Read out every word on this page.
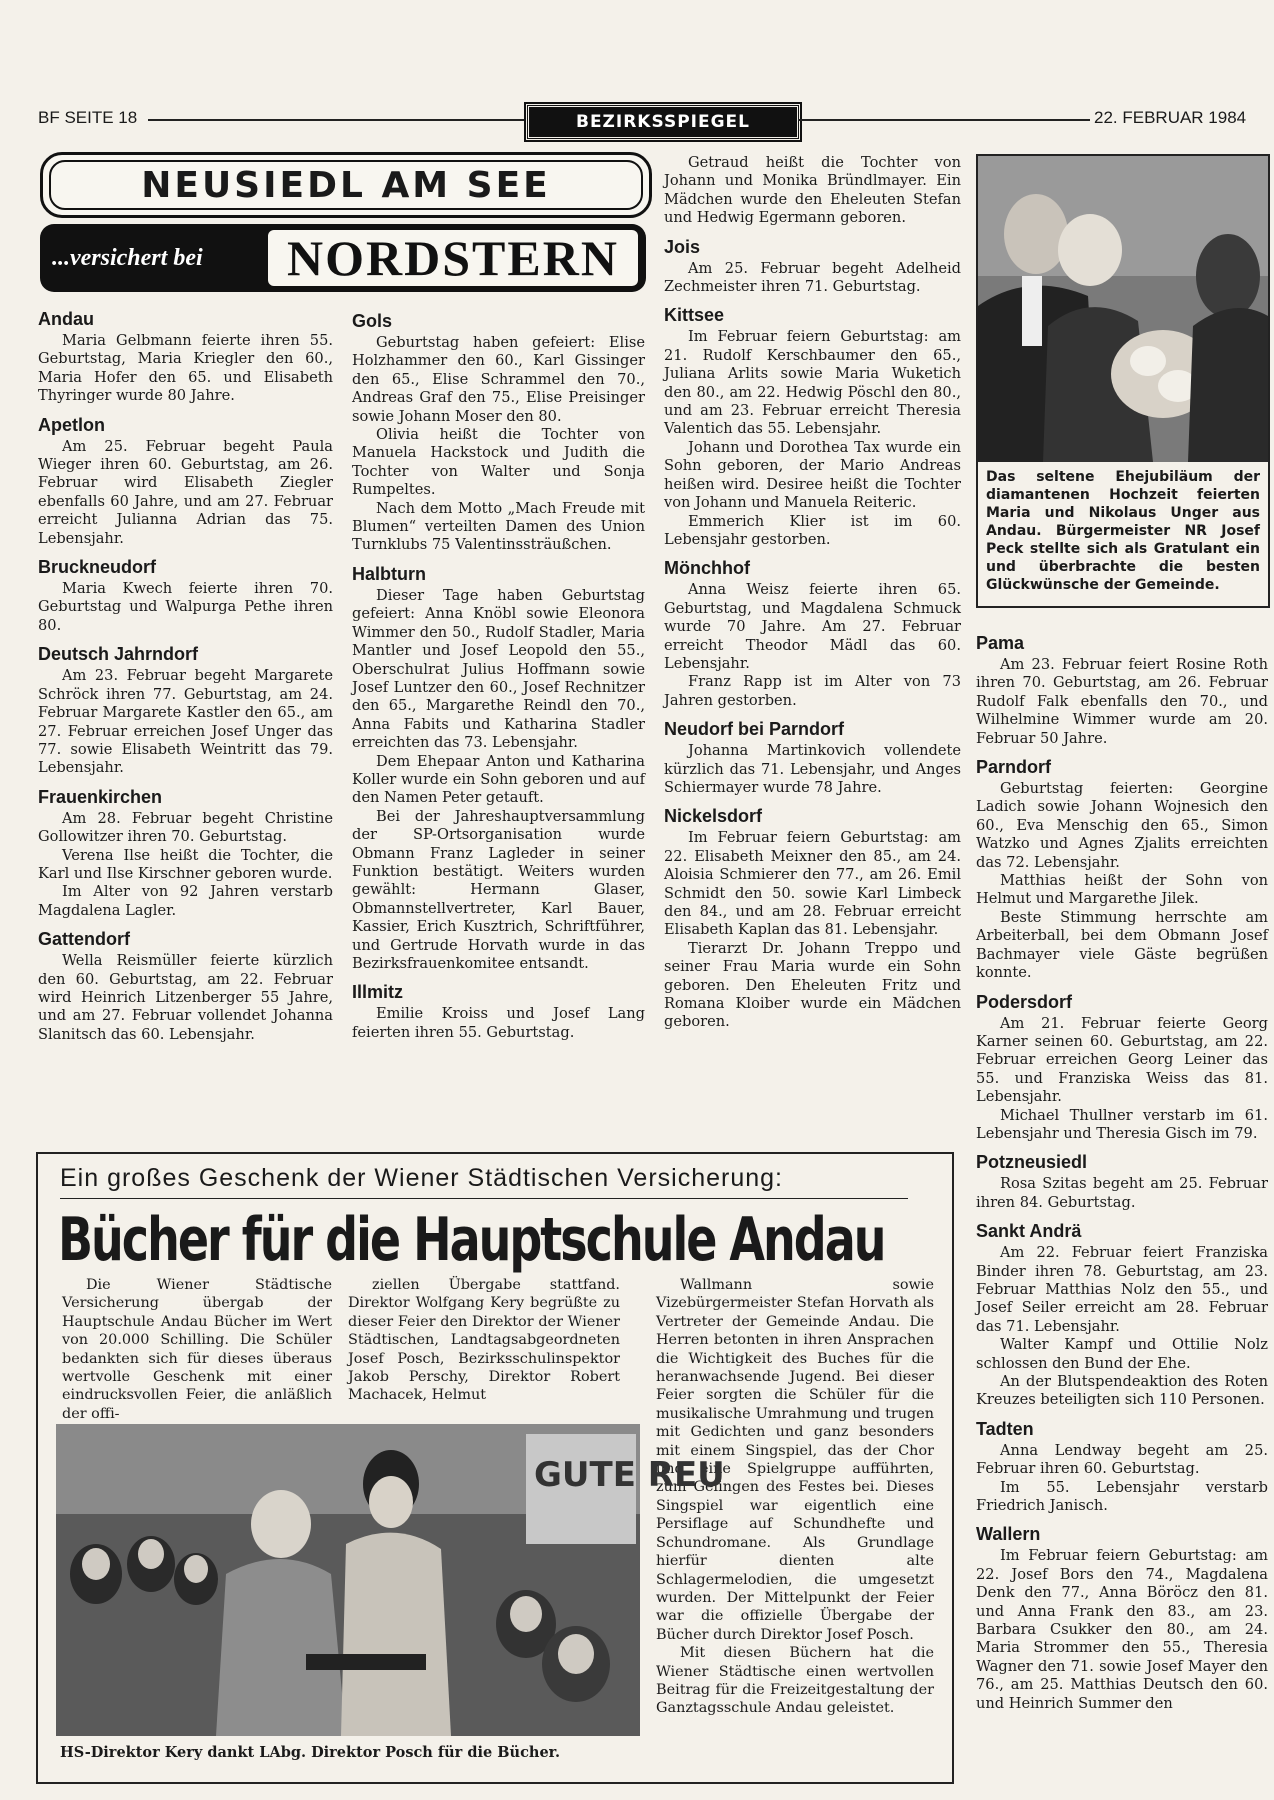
BF SEITE 18	BEZIRKSSPIEGEL	22. FEBRUAR 1984
NEUSIEDL AM SEE
...versichert bei	NORDSTERN
Andau

Maria Gelbmann feierte ihren 55. Geburtstag, Maria Kriegler den 60., Maria Hofer den 65. und Elisabeth Thyringer wurde 80 Jahre.

Apetlon

Am 25. Februar begeht Paula Wieger ihren 60. Geburtstag, am 26. Februar wird Elisabeth Ziegler ebenfalls 60 Jahre, und am 27. Februar erreicht Julianna Adrian das 75. Lebensjahr.

Bruckneudorf

Maria Kwech feierte ihren 70. Geburtstag und Walpurga Pethe ihren 80.

Deutsch Jahrndorf

Am 23. Februar begeht Margarete Schröck ihren 77. Geburtstag, am 24. Februar Margarete Kastler den 65., am 27. Februar erreichen Josef Unger das 77. sowie Elisabeth Weintritt das 79. Lebensjahr.

Frauenkirchen

Am 28. Februar begeht Christine Gollowitzer ihren 70. Geburtstag.

Verena Ilse heißt die Tochter, die Karl und Ilse Kirschner geboren wurde.

Im Alter von 92 Jahren verstarb Magdalena Lagler.

Gattendorf

Wella Reismüller feierte kürzlich den 60. Geburtstag, am 22. Februar wird Heinrich Litzenberger 55 Jahre, und am 27. Februar vollendet Johanna Slanitsch das 60. Lebensjahr.

Gols

Geburtstag haben gefeiert: Elise Holzhammer den 60., Karl Gissinger den 65., Elise Schrammel den 70., Andreas Graf den 75., Elise Preisinger sowie Johann Moser den 80.

Olivia heißt die Tochter von Manuela Hackstock und Judith die Tochter von Walter und Sonja Rumpeltes.

Nach dem Motto „Mach Freude mit Blumen“ verteilten Damen des Union Turnklubs 75 Valentinssträußchen.

Halbturn

Dieser Tage haben Geburtstag gefeiert: Anna Knöbl sowie Eleonora Wimmer den 50., Rudolf Stadler, Maria Mantler und Josef Leopold den 55., Oberschulrat Julius Hoffmann sowie Josef Luntzer den 60., Josef Rechnitzer den 65., Margarethe Reindl den 70., Anna Fabits und Katharina Stadler erreichten das 73. Lebensjahr.

Dem Ehepaar Anton und Katharina Koller wurde ein Sohn geboren und auf den Namen Peter getauft.

Bei der Jahreshauptversammlung der SP-Ortsorganisation wurde Obmann Franz Lagleder in seiner Funktion bestätigt. Weiters wurden gewählt: Hermann Glaser, Obmannstellvertreter, Karl Bauer, Kassier, Erich Kusztrich, Schriftführer, und Gertrude Horvath wurde in das Bezirksfrauenkomitee entsandt.

Illmitz

Emilie Kroiss und Josef Lang feierten ihren 55. Geburtstag.

Getraud heißt die Tochter von Johann und Monika Bründlmayer. Ein Mädchen wurde den Eheleuten Stefan und Hedwig Egermann geboren.

Jois

Am 25. Februar begeht Adelheid Zechmeister ihren 71. Geburtstag.

Kittsee

Im Februar feiern Geburtstag: am 21. Rudolf Kerschbaumer den 65., Juliana Arlits sowie Maria Wuketich den 80., am 22. Hedwig Pöschl den 80., und am 23. Februar erreicht Theresia Valentich das 55. Lebensjahr.

Johann und Dorothea Tax wurde ein Sohn geboren, der Mario Andreas heißen wird. Desiree heißt die Tochter von Johann und Manuela Reiteric.

Emmerich Klier ist im 60. Lebensjahr gestorben.

Mönchhof

Anna Weisz feierte ihren 65. Geburtstag, und Magdalena Schmuck wurde 70 Jahre. Am 27. Februar erreicht Theodor Mädl das 60. Lebensjahr.

Franz Rapp ist im Alter von 73 Jahren gestorben.

Neudorf bei Parndorf

Johanna Martinkovich vollendete kürzlich das 71. Lebensjahr, und Anges Schiermayer wurde 78 Jahre.

Nickelsdorf

Im Februar feiern Geburtstag: am 22. Elisabeth Meixner den 85., am 24. Aloisia Schmierer den 77., am 26. Emil Schmidt den 50. sowie Karl Limbeck den 84., und am 28. Februar erreicht Elisabeth Kaplan das 81. Lebensjahr.

Tierarzt Dr. Johann Treppo und seiner Frau Maria wurde ein Sohn geboren. Den Eheleuten Fritz und Romana Kloiber wurde ein Mädchen geboren.

Pama

Am 23. Februar feiert Rosine Roth ihren 70. Geburtstag, am 26. Februar Rudolf Falk ebenfalls den 70., und Wilhelmine Wimmer wurde am 20. Februar 50 Jahre.

Parndorf

Geburtstag feierten: Georgine Ladich sowie Johann Wojnesich den 60., Eva Menschig den 65., Simon Watzko und Agnes Zjalits erreichten das 72. Lebensjahr.

Matthias heißt der Sohn von Helmut und Margarethe Jilek.

Beste Stimmung herrschte am Arbeiterball, bei dem Obmann Josef Bachmayer viele Gäste begrüßen konnte.

Podersdorf

Am 21. Februar feierte Georg Karner seinen 60. Geburtstag, am 22. Februar erreichen Georg Leiner das 55. und Franziska Weiss das 81. Lebensjahr.

Michael Thullner verstarb im 61. Lebensjahr und Theresia Gisch im 79.

Potzneusiedl

Rosa Szitas begeht am 25. Februar ihren 84. Geburtstag.

Sankt Andrä

Am 22. Februar feiert Franziska Binder ihren 78. Geburtstag, am 23. Februar Matthias Nolz den 55., und Josef Seiler erreicht am 28. Februar das 71. Lebensjahr.

Walter Kampf und Ottilie Nolz schlossen den Bund der Ehe.

An der Blutspendeaktion des Roten Kreuzes beteiligten sich 110 Personen.

Tadten

Anna Lendway begeht am 25. Februar ihren 60. Geburtstag.

Im 55. Lebensjahr verstarb Friedrich Janisch.

Wallern

Im Februar feiern Geburtstag: am 22. Josef Bors den 74., Magdalena Denk den 77., Anna Böröcz den 81. und Anna Frank den 83., am 23. Barbara Csukker den 80., am 24. Maria Strommer den 55., Theresia Wagner den 71. sowie Josef Mayer den 76., am 25. Matthias Deutsch den 60. und Heinrich Summer den

Das seltene Ehejubiläum der diamantenen Hochzeit feierten Maria und Nikolaus Unger aus Andau. Bürgermeister NR Josef Peck stellte sich als Gratulant ein und überbrachte die besten Glückwünsche der Gemeinde.
Ein großes Geschenk der Wiener Städtischen Versicherung:
Bücher für die Hauptschule Andau

Die Wiener Städtische Versicherung übergab der Hauptschule Andau Bücher im Wert von 20.000 Schilling. Die Schüler bedankten sich für dieses überaus wertvolle Geschenk mit einer eindrucksvollen Feier, die anläßlich der offi-

ziellen Übergabe stattfand. Direktor Wolfgang Kery begrüßte zu dieser Feier den Direktor der Wiener Städtischen, Landtagsabgeordneten Josef Posch, Bezirksschulinspektor Jakob Perschy, Direktor Robert Machacek, Helmut

Wallmann sowie Vizebürgermeister Stefan Horvath als Vertreter der Gemeinde Andau. Die Herren betonten in ihren Ansprachen die Wichtigkeit des Buches für die heranwachsende Jugend. Bei dieser Feier sorgten die Schüler für die musikalische Umrahmung und trugen mit Gedichten und ganz besonders mit einem Singspiel, das der Chor und eine Spielgruppe aufführten, zum Gelingen des Festes bei. Dieses Singspiel war eigentlich eine Persiflage auf Schundhefte und Schundromane. Als Grundlage hierfür dienten alte Schlagermelodien, die umgesetzt wurden. Der Mittelpunkt der Feier war die offizielle Übergabe der Bücher durch Direktor Josef Posch.

Mit diesen Büchern hat die Wiener Städtische einen wertvollen Beitrag für die Freizeitgestaltung der Ganztagsschule Andau geleistet.

GUTE REU
HS-Direktor Kery dankt LAbg. Direktor Posch für die Bücher.
